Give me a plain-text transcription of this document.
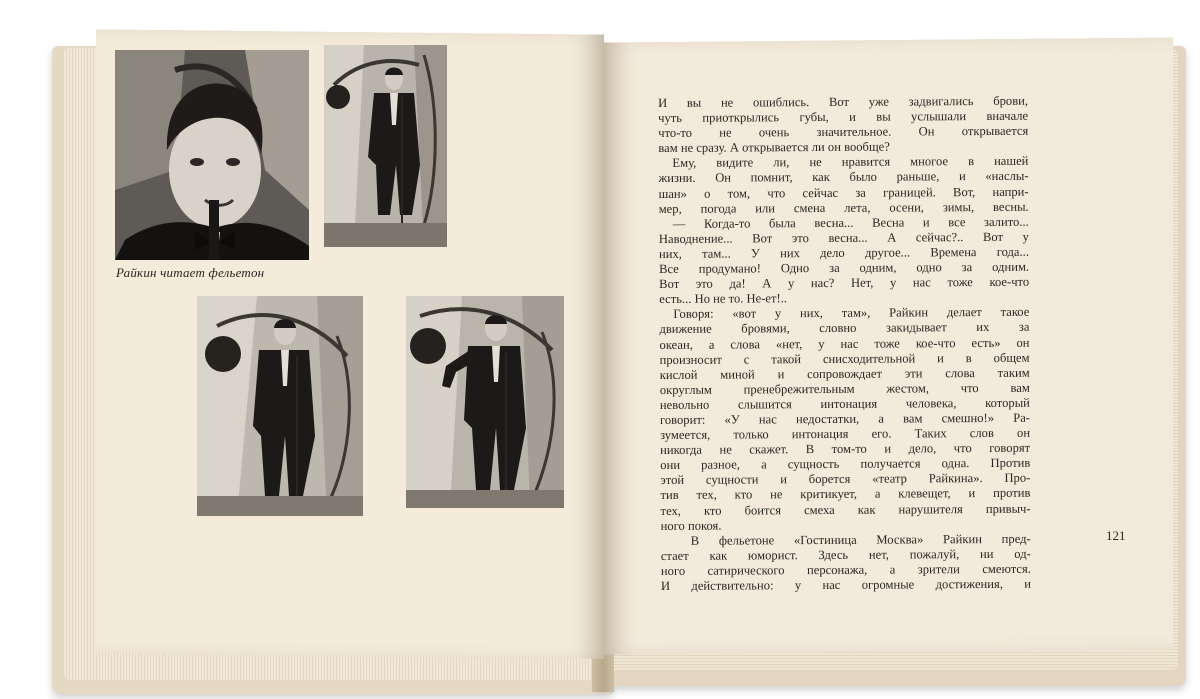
Райкин читает фельетон
И вы не ошиблись. Вот уже задвигались брови,
чуть приоткрылись губы, и вы услышали вначале
что-то не очень значительное. Он открывается
вам не сразу. А открывается ли он вообще?
Ему, видите ли, не нравится многое в нашей
жизни. Он помнит, как было раньше, и «наслы-
шан» о том, что сейчас за границей. Вот, напри-
мер, погода или смена лета, осени, зимы, весны.
— Когда-то была весна... Весна и все залито...
Наводнение... Вот это весна... А сейчас?.. Вот у
них, там... У них дело другое... Времена года...
Все продумано! Одно за одним, одно за одним.
Вот это да! А у нас? Нет, у нас тоже кое-что
есть... Но не то. Не-ет!..
Говоря: «вот у них, там», Райкин делает такое
движение бровями, словно закидывает их за
океан, а слова «нет, у нас тоже кое-что есть» он
произносит с такой снисходительной и в общем
кислой миной и сопровождает эти слова таким
округлым пренебрежительным жестом, что вам
невольно слышится интонация человека, который
говорит: «У нас недостатки, а вам смешно!» Ра-
зумеется, только интонация его. Таких слов он
никогда не скажет. В том-то и дело, что говорят
они разное, а сущность получается одна. Против
этой сущности и борется «театр Райкина». Про-
тив тех, кто не критикует, а клевещет, и против
тех, кто боится смеха как нарушителя привыч-
ного покоя.
В фельетоне «Гостиница Москва» Райкин пред-
стает как юморист. Здесь нет, пожалуй, ни од-
ного сатирического персонажа, а зрители смеются.
И действительно: у нас огромные достижения, и
121
